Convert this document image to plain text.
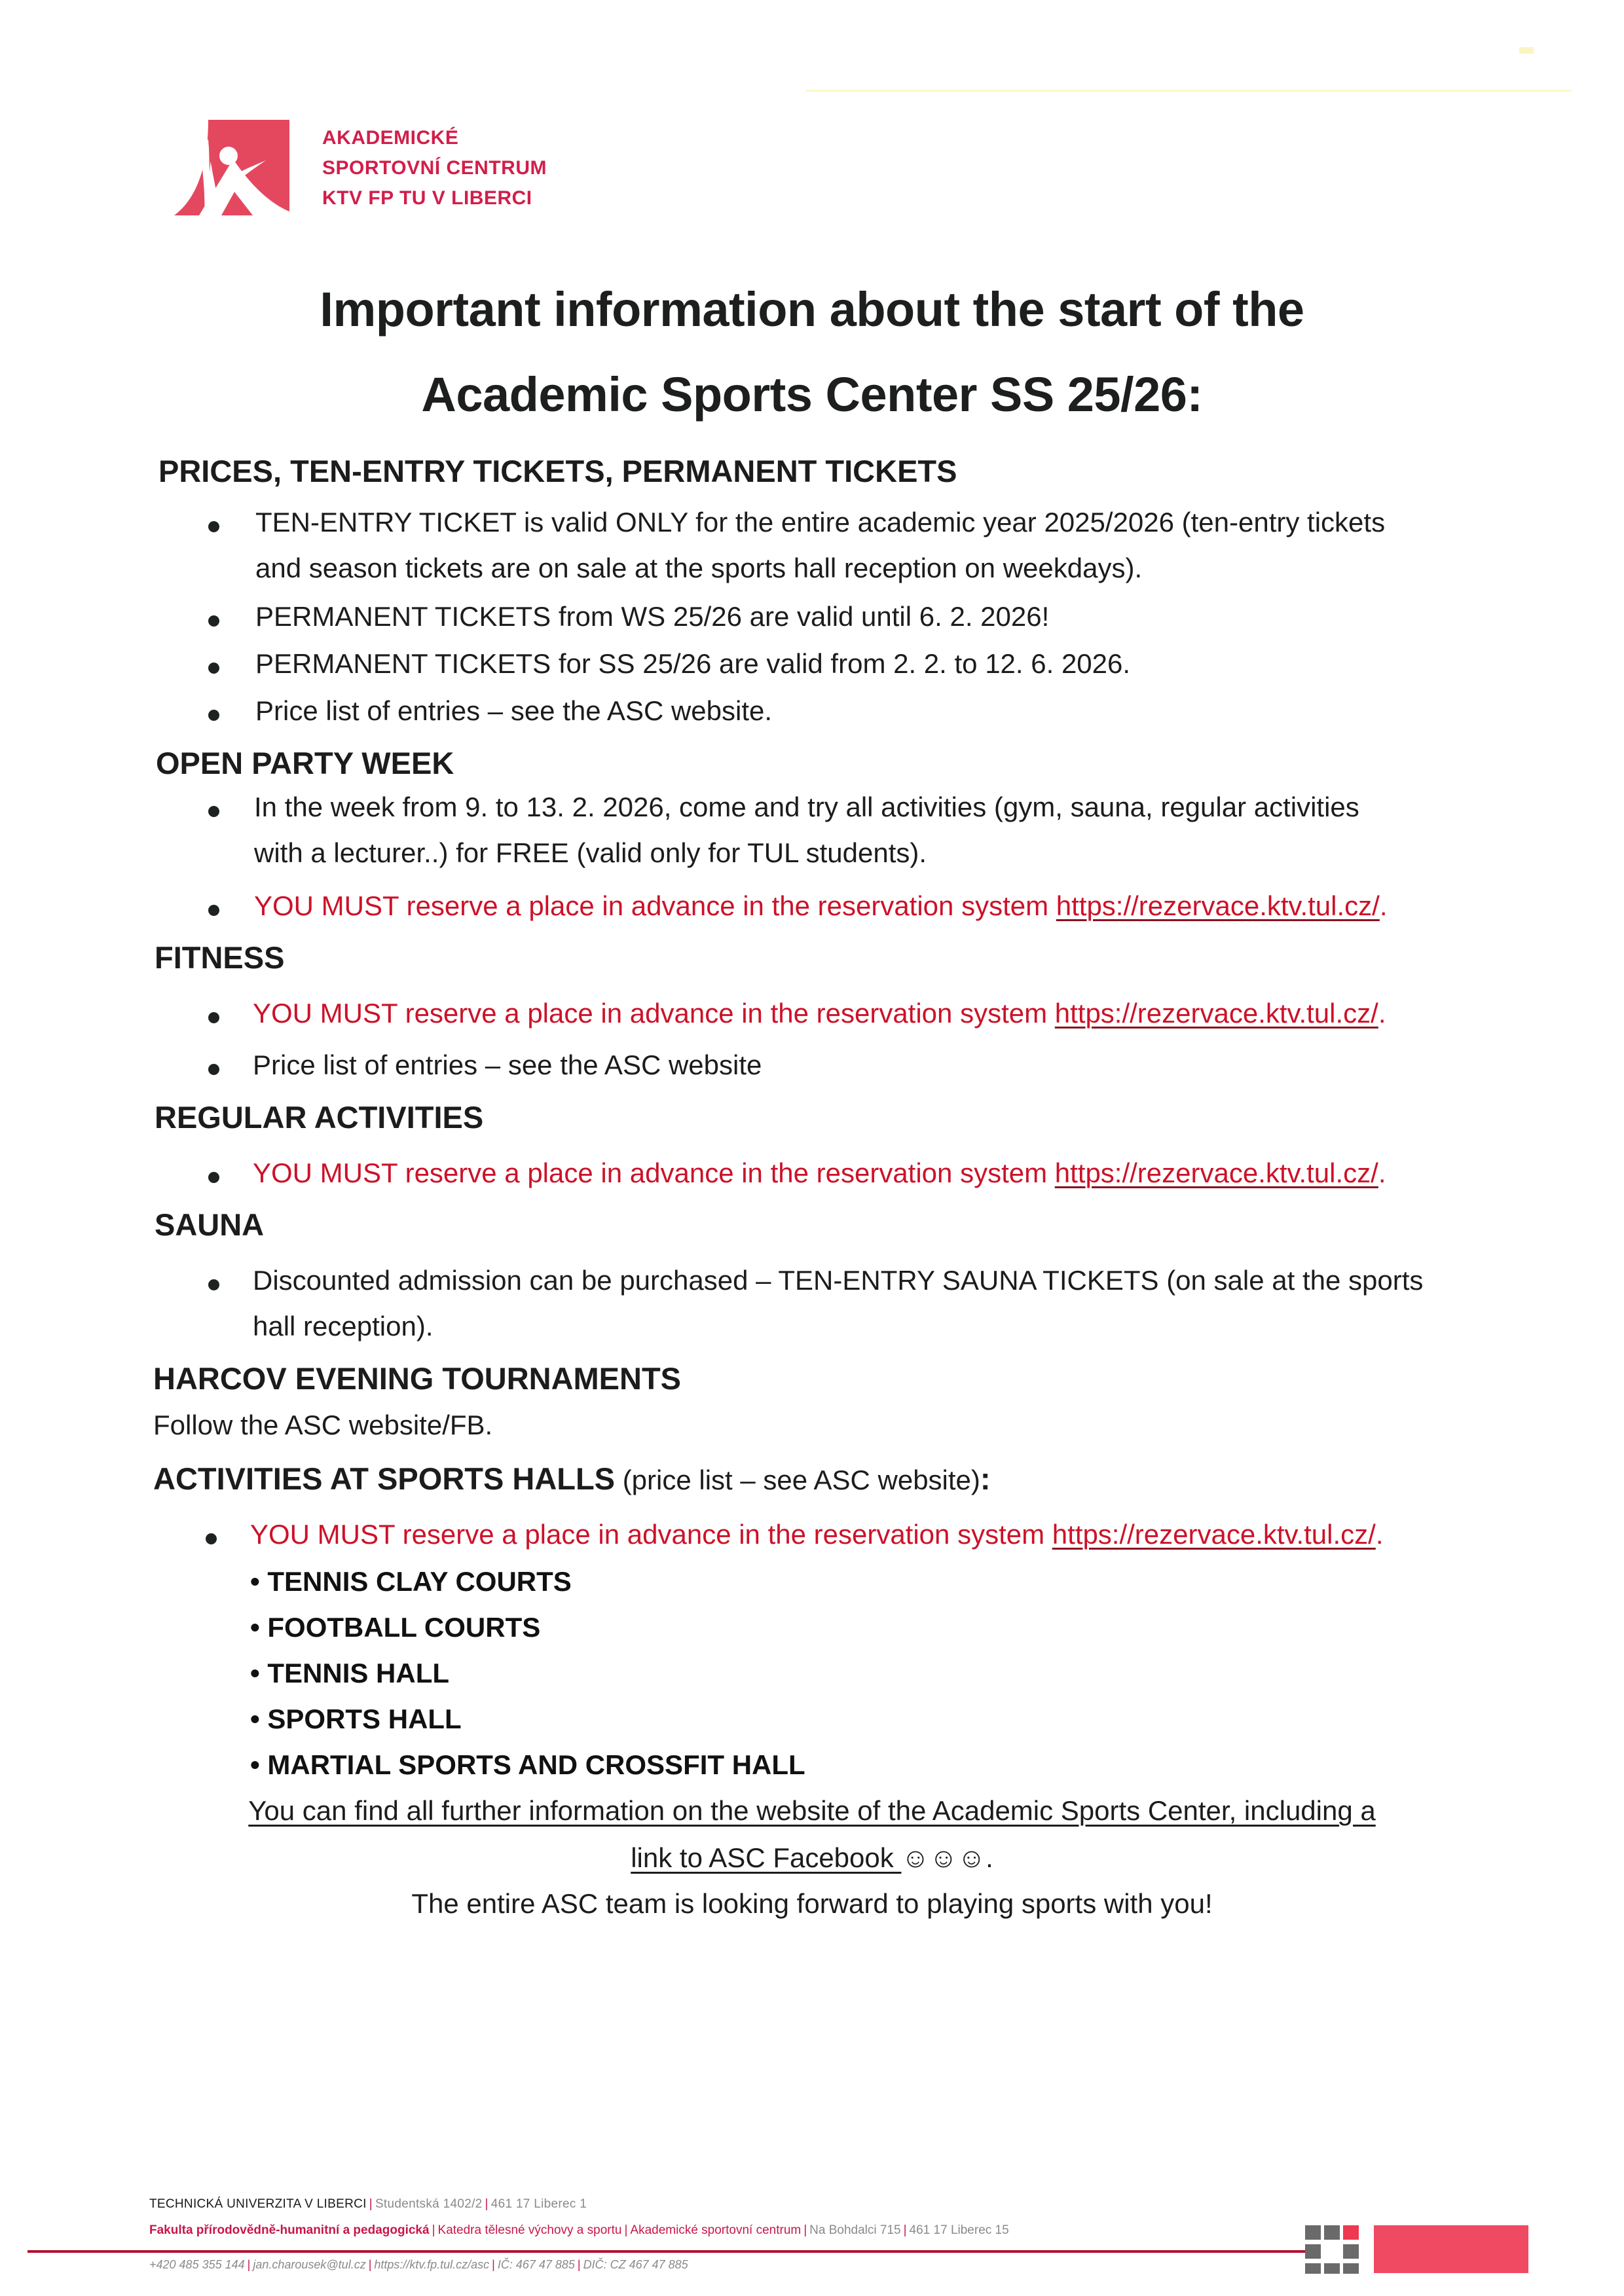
AKADEMICKÉ
SPORTOVNÍ CENTRUM
KTV FP TU V LIBERCI
Important information about the start of the
Academic Sports Center SS 25/26:
PRICES, TEN-ENTRY TICKETS, PERMANENT TICKETS
TEN-ENTRY TICKET is valid ONLY for the entire academic year 2025/2026 (ten-entry tickets
and season tickets are on sale at the sports hall reception on weekdays).
PERMANENT TICKETS from WS 25/26 are valid until 6. 2. 2026!
PERMANENT TICKETS for SS 25/26 are valid from 2. 2. to 12. 6. 2026.
Price list of entries – see the ASC website.
OPEN PARTY WEEK
In the week from 9. to 13. 2. 2026, come and try all activities (gym, sauna, regular activities
with a lecturer..) for FREE (valid only for TUL students).
YOU MUST reserve a place in advance in the reservation system https://rezervace.ktv.tul.cz/.
FITNESS
YOU MUST reserve a place in advance in the reservation system https://rezervace.ktv.tul.cz/.
Price list of entries – see the ASC website
REGULAR ACTIVITIES
YOU MUST reserve a place in advance in the reservation system https://rezervace.ktv.tul.cz/.
SAUNA
Discounted admission can be purchased – TEN-ENTRY SAUNA TICKETS (on sale at the sports
hall reception).
HARCOV EVENING TOURNAMENTS
Follow the ASC website/FB.
ACTIVITIES AT SPORTS HALLS (price list – see ASC website):
YOU MUST reserve a place in advance in the reservation system https://rezervace.ktv.tul.cz/.
• TENNIS CLAY COURTS
• FOOTBALL COURTS
• TENNIS HALL
• SPORTS HALL
• MARTIAL SPORTS AND CROSSFIT HALL
You can find all further information on the website of the Academic Sports Center, including a
link to ASC Facebook ☺☺☺.
The entire ASC team is looking forward to playing sports with you!
TECHNICKÁ UNIVERZITA V LIBERCI | Studentská 1402/2 | 461 17 Liberec 1
Fakulta přírodovědně-humanitní a pedagogická | Katedra tělesné výchovy a sportu | Akademické sportovní centrum | Na Bohdalci 715 | 461 17 Liberec 15
+420 485 355 144 | jan.charousek@tul.cz | https://ktv.fp.tul.cz/asc | IČ: 467 47 885 | DIČ: CZ 467 47 885
